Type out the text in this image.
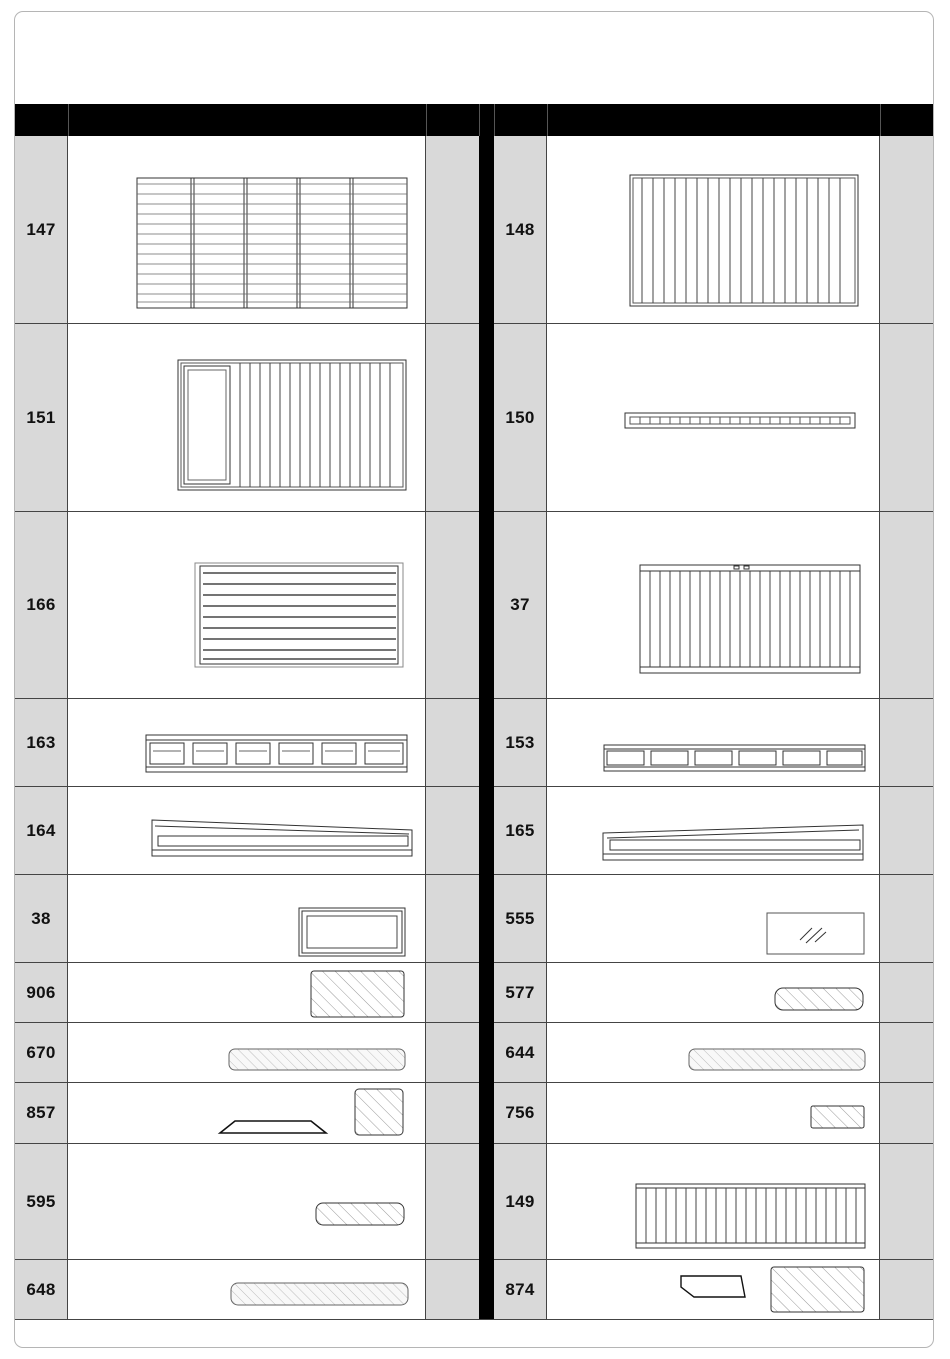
147
151
166
163
164
38
906
670
857
595
648
148
150
37
153
165
555
577
644
756
149
874
